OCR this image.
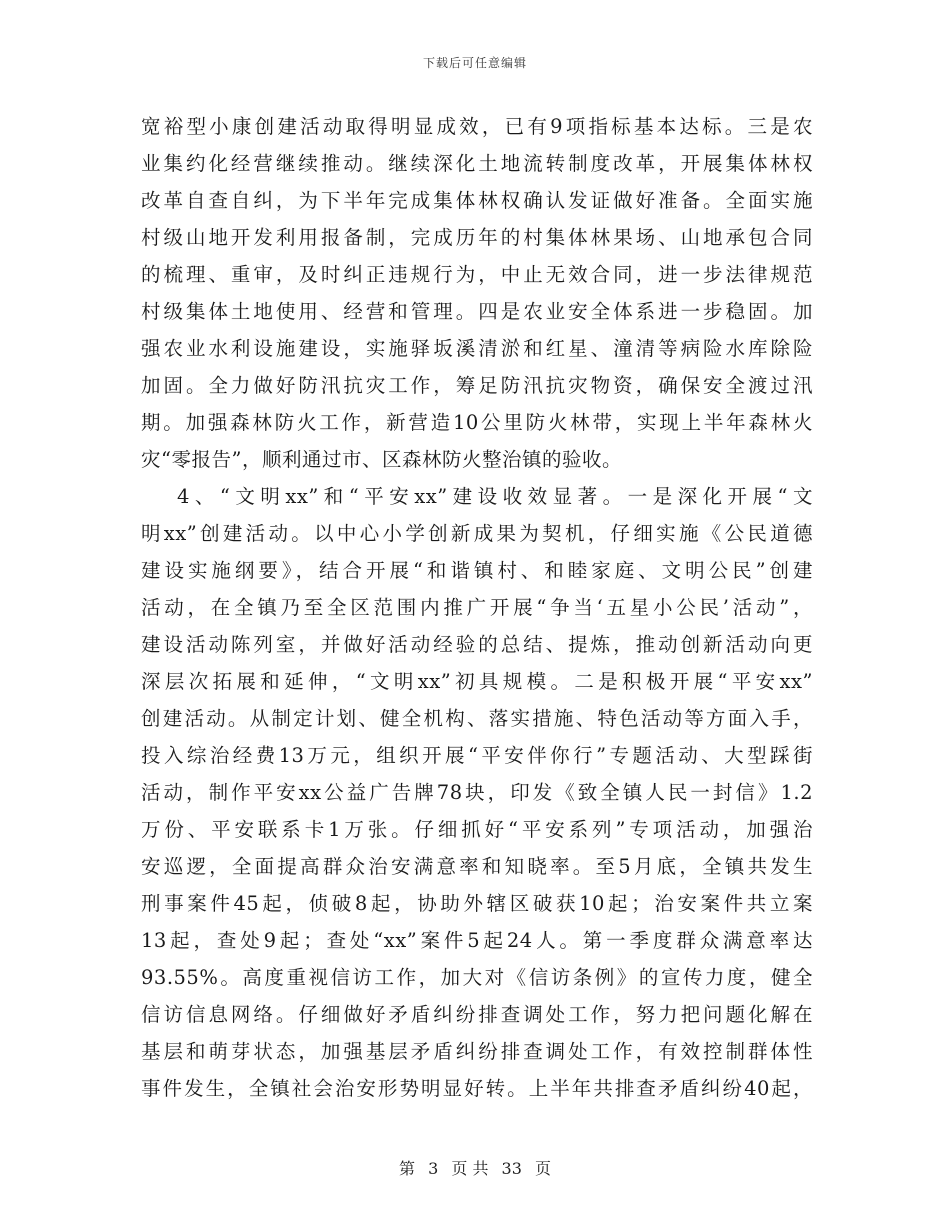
下载后可任意编辑
宽裕型小康创建活动取得明显成效，已有9项指标基本达标。三是农
业集约化经营继续推动。继续深化土地流转制度改革，开展集体林权
改革自查自纠，为下半年完成集体林权确认发证做好准备。全面实施
村级山地开发利用报备制，完成历年的村集体林果场、山地承包合同
的梳理、重审，及时纠正违规行为，中止无效合同，进一步法律规范
村级集体土地使用、经营和管理。四是农业安全体系进一步稳固。加
强农业水利设施建设，实施驿坂溪清淤和红星、潼清等病险水库除险
加固。全力做好防汛抗灾工作，筹足防汛抗灾物资，确保安全渡过汛
期。加强森林防火工作，新营造10公里防火林带，实现上半年森林火
灾“零报告”，顺利通过市、区森林防火整治镇的验收。
4、“文明xx”和“平安xx”建设收效显著。一是深化开展“文
明xx”创建活动。以中心小学创新成果为契机，仔细实施《公民道德
建设实施纲要》，结合开展“和谐镇村、和睦家庭、文明公民”创建
活动，在全镇乃至全区范围内推广开展“争当‘五星小公民’活动”，
建设活动陈列室，并做好活动经验的总结、提炼，推动创新活动向更
深层次拓展和延伸，“文明xx”初具规模。二是积极开展“平安xx”
创建活动。从制定计划、健全机构、落实措施、特色活动等方面入手，
投入综治经费13万元，组织开展“平安伴你行”专题活动、大型踩街
活动，制作平安xx公益广告牌78块，印发《致全镇人民一封信》1.2
万份、平安联系卡1万张。仔细抓好“平安系列”专项活动，加强治
安巡逻，全面提高群众治安满意率和知晓率。至5月底，全镇共发生
刑事案件45起，侦破8起，协助外辖区破获10起；治安案件共立案
13起，查处9起；查处“xx”案件5起24人。第一季度群众满意率达
93.55%。高度重视信访工作，加大对《信访条例》的宣传力度，健全
信访信息网络。仔细做好矛盾纠纷排查调处工作，努力把问题化解在
基层和萌芽状态，加强基层矛盾纠纷排查调处工作，有效控制群体性
事件发生，全镇社会治安形势明显好转。上半年共排查矛盾纠纷40起，
第 3 页 共 33 页
